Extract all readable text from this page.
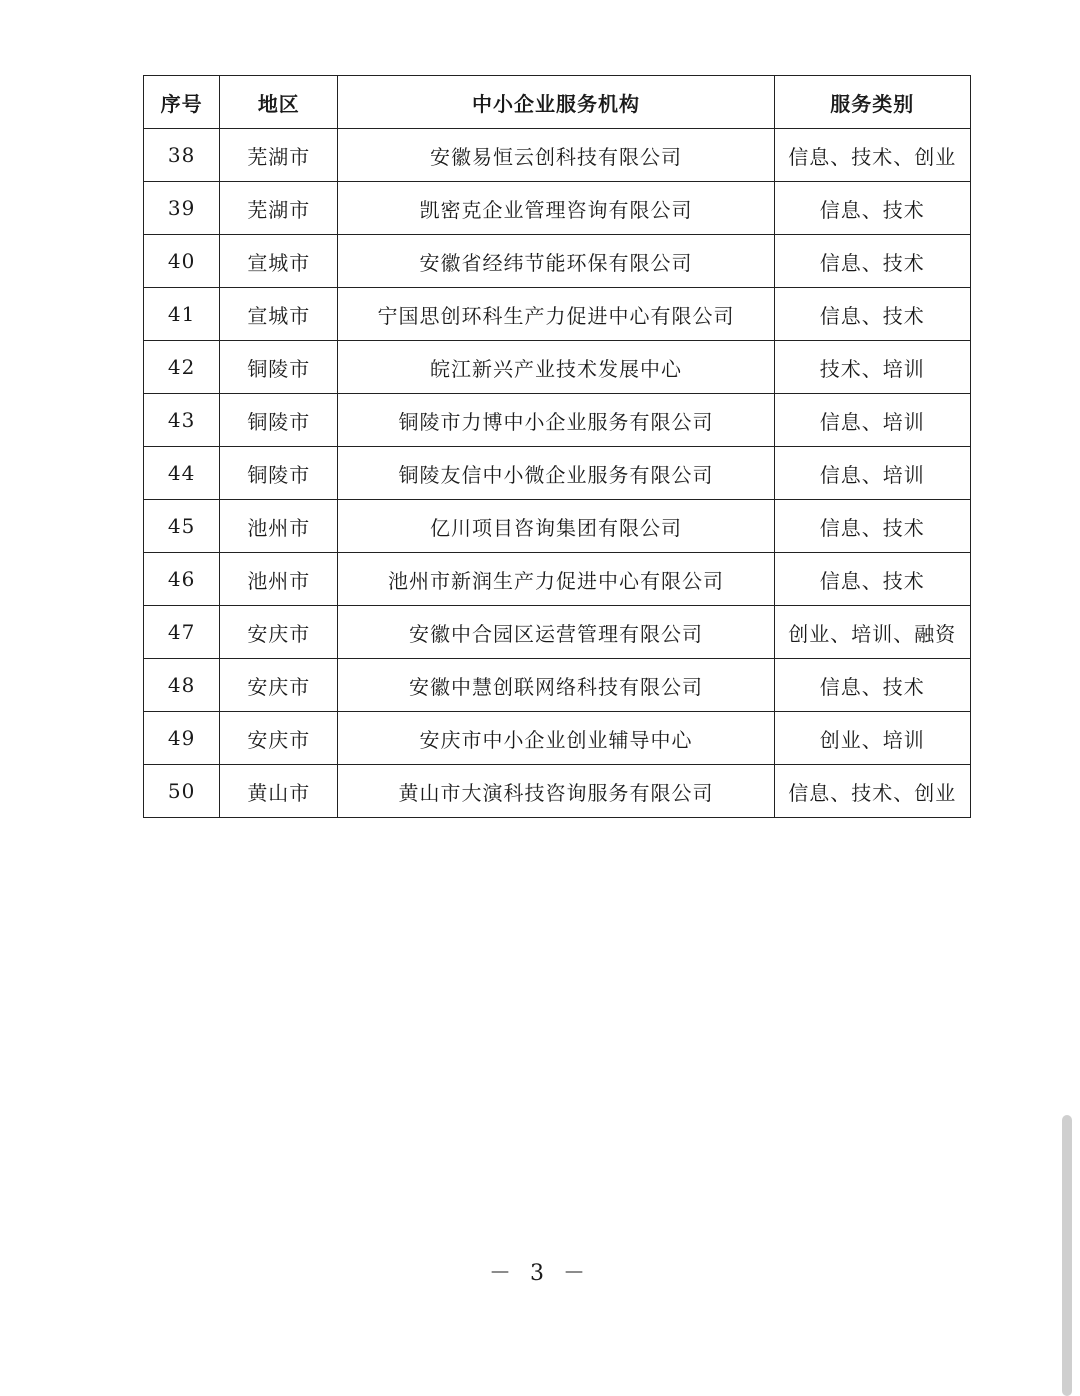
序号	地区	中小企业服务机构	服务类别
38	芜湖市	安徽易恒云创科技有限公司	信息、技术、创业
39	芜湖市	凯密克企业管理咨询有限公司	信息、技术
40	宣城市	安徽省经纬节能环保有限公司	信息、技术
41	宣城市	宁国思创环科生产力促进中心有限公司	信息、技术
42	铜陵市	皖江新兴产业技术发展中心	技术、培训
43	铜陵市	铜陵市力博中小企业服务有限公司	信息、培训
44	铜陵市	铜陵友信中小微企业服务有限公司	信息、培训
45	池州市	亿川项目咨询集团有限公司	信息、技术
46	池州市	池州市新润生产力促进中心有限公司	信息、技术
47	安庆市	安徽中合园区运营管理有限公司	创业、培训、融资
48	安庆市	安徽中慧创联网络科技有限公司	信息、技术
49	安庆市	安庆市中小企业创业辅导中心	创业、培训
50	黄山市	黄山市大演科技咨询服务有限公司	信息、技术、创业
－ 3 －
